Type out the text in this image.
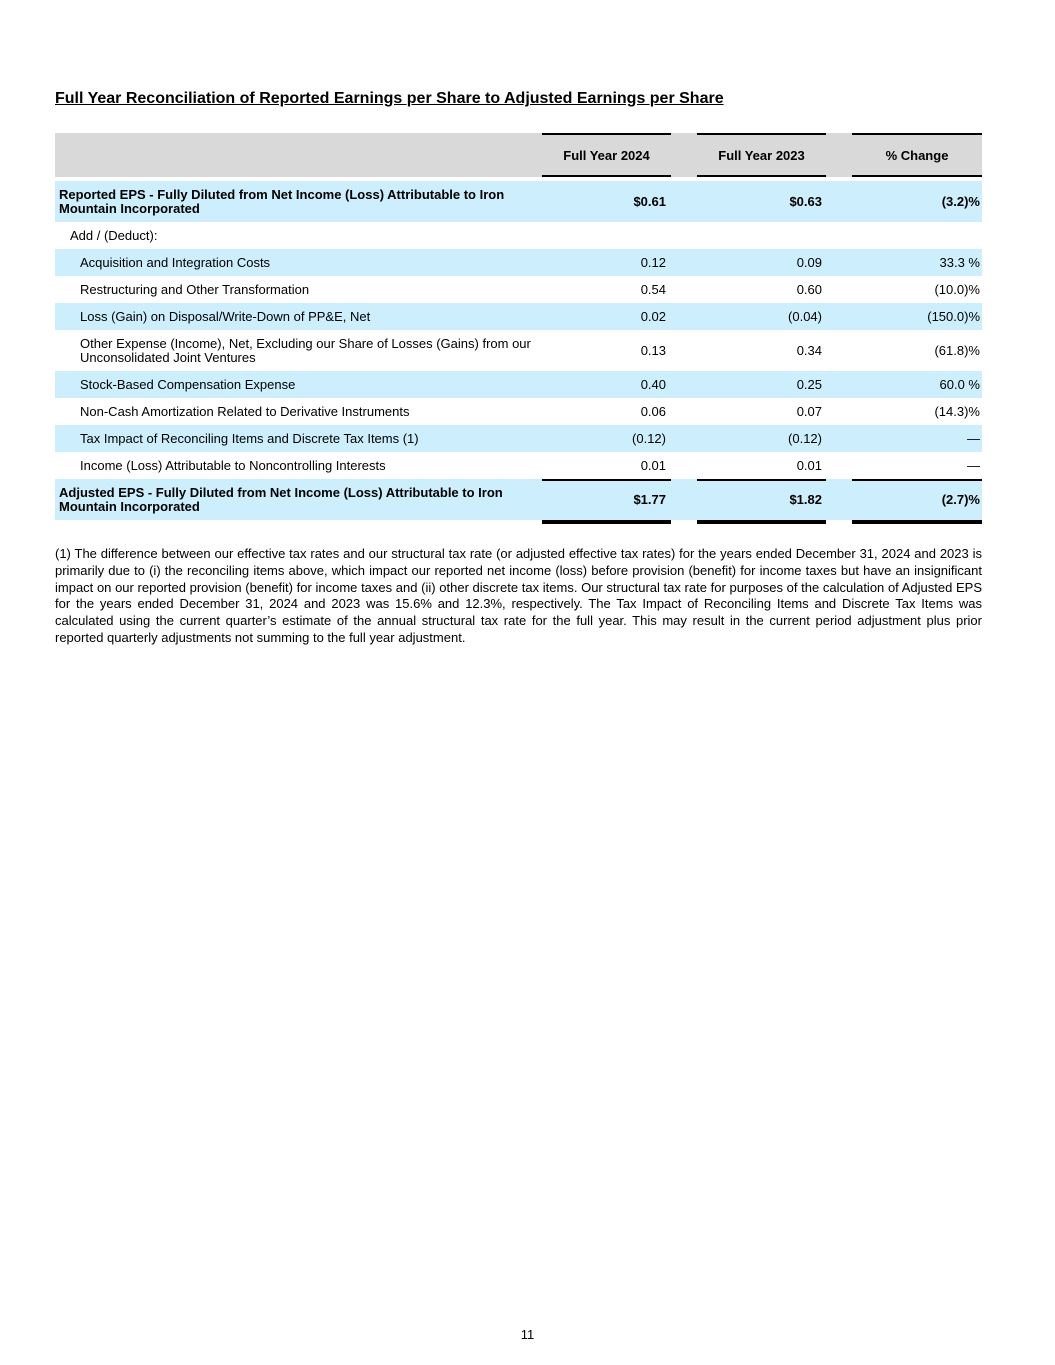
Full Year Reconciliation of Reported Earnings per Share to Adjusted Earnings per Share
Full Year 2024	Full Year 2023	% Change
Reported EPS - Fully Diluted from Net Income (Loss) Attributable to Iron Mountain Incorporated	$0.61	$0.63	(3.2)%
Add / (Deduct):
Acquisition and Integration Costs	0.12	0.09	33.3 %
Restructuring and Other Transformation	0.54	0.60	(10.0)%
Loss (Gain) on Disposal/Write-Down of PP&E, Net	0.02	(0.04)	(150.0)%
Other Expense (Income), Net, Excluding our Share of Losses (Gains) from our Unconsolidated Joint Ventures	0.13	0.34	(61.8)%
Stock-Based Compensation Expense	0.40	0.25	60.0 %
Non-Cash Amortization Related to Derivative Instruments	0.06	0.07	(14.3)%
Tax Impact of Reconciling Items and Discrete Tax Items (1)	(0.12)	(0.12)	—
Income (Loss) Attributable to Noncontrolling Interests	0.01	0.01	—
Adjusted EPS - Fully Diluted from Net Income (Loss) Attributable to Iron Mountain Incorporated	$1.77	$1.82	(2.7)%
(1) The difference between our effective tax rates and our structural tax rate (or adjusted effective tax rates) for the years ended December 31, 2024 and 2023 is primarily due to (i) the reconciling items above, which impact our reported net income (loss) before provision (benefit) for income taxes but have an insignificant impact on our reported provision (benefit) for income taxes and (ii) other discrete tax items. Our structural tax rate for purposes of the calculation of Adjusted EPS for the years ended December 31, 2024 and 2023 was 15.6% and 12.3%, respectively. The Tax Impact of Reconciling Items and Discrete Tax Items was calculated using the current quarter’s estimate of the annual structural tax rate for the full year. This may result in the current period adjustment plus prior reported quarterly adjustments not summing to the full year adjustment.
11
